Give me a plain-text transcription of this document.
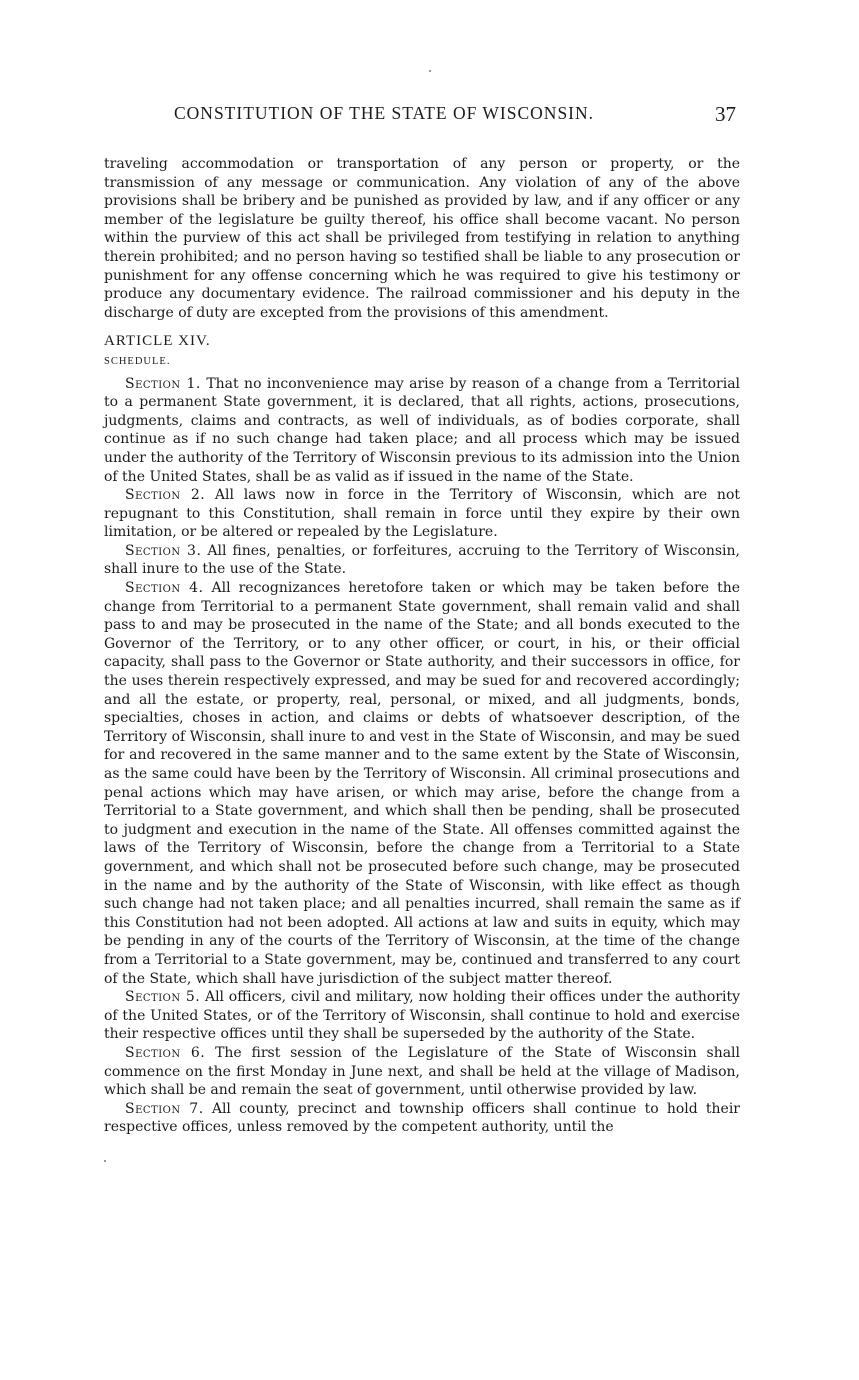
CONSTITUTION OF THE STATE OF WISCONSIN.	37

traveling accommodation or transportation of any person or property, or the transmission of any message or communication. Any violation of any of the above provisions shall be bribery and be punished as provided by law, and if any officer or any member of the legislature be guilty thereof, his office shall become vacant. No person within the purview of this act shall be privileged from testifying in relation to anything therein prohibited; and no person having so testified shall be liable to any prosecution or punishment for any offense concerning which he was required to give his testimony or produce any documentary evidence. The railroad commissioner and his deputy in the discharge of duty are excepted from the provisions of this amendment.

ARTICLE XIV.
SCHEDULE.

Section 1. That no inconvenience may arise by reason of a change from a Territorial to a permanent State government, it is declared, that all rights, actions, prosecutions, judgments, claims and contracts, as well of individuals, as of bodies corporate, shall continue as if no such change had taken place; and all process which may be issued under the authority of the Territory of Wisconsin previous to its admission into the Union of the United States, shall be as valid as if issued in the name of the State.

Section 2. All laws now in force in the Territory of Wisconsin, which are not repugnant to this Constitution, shall remain in force until they expire by their own limitation, or be altered or repealed by the Legislature.

Section 3. All fines, penalties, or forfeitures, accruing to the Territory of Wisconsin, shall inure to the use of the State.

Section 4. All recognizances heretofore taken or which may be taken before the change from Territorial to a permanent State government, shall remain valid and shall pass to and may be prosecuted in the name of the State; and all bonds executed to the Governor of the Territory, or to any other officer, or court, in his, or their official capacity, shall pass to the Governor or State authority, and their successors in office, for the uses therein respectively expressed, and may be sued for and recovered accordingly; and all the estate, or property, real, personal, or mixed, and all judgments, bonds, specialties, choses in action, and claims or debts of whatsoever description, of the Territory of Wisconsin, shall inure to and vest in the State of Wisconsin, and may be sued for and recovered in the same manner and to the same extent by the State of Wisconsin, as the same could have been by the Territory of Wisconsin. All criminal prosecutions and penal actions which may have arisen, or which may arise, before the change from a Territorial to a State government, and which shall then be pending, shall be prosecuted to judgment and execution in the name of the State. All offenses committed against the laws of the Territory of Wisconsin, before the change from a Territorial to a State government, and which shall not be prosecuted before such change, may be prosecuted in the name and by the authority of the State of Wisconsin, with like effect as though such change had not taken place; and all penalties incurred, shall remain the same as if this Constitution had not been adopted. All actions at law and suits in equity, which may be pending in any of the courts of the Territory of Wisconsin, at the time of the change from a Territorial to a State government, may be, continued and transferred to any court of the State, which shall have jurisdiction of the subject matter thereof.

Section 5. All officers, civil and military, now holding their offices under the authority of the United States, or of the Territory of Wisconsin, shall continue to hold and exercise their respective offices until they shall be superseded by the authority of the State.

Section 6. The first session of the Legislature of the State of Wisconsin shall commence on the first Monday in June next, and shall be held at the village of Madison, which shall be and remain the seat of government, until otherwise provided by law.

Section 7. All county, precinct and township officers shall continue to hold their respective offices, unless removed by the competent authority, until the
